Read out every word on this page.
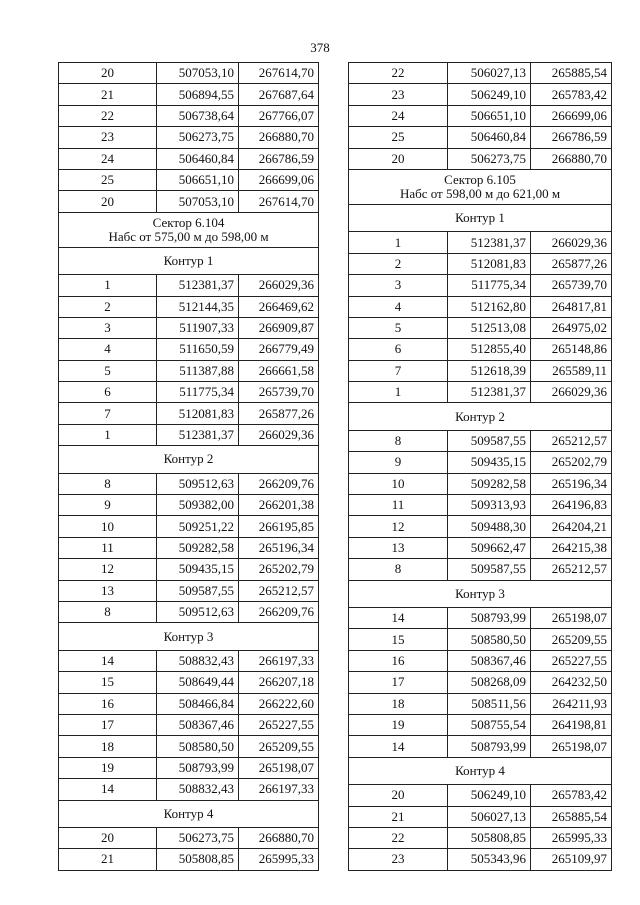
378
20	507053,10	267614,70
21	506894,55	267687,64
22	506738,64	267766,07
23	506273,75	266880,70
24	506460,84	266786,59
25	506651,10	266699,06
20	507053,10	267614,70

Сектор 6.104
Набс от 575,00 м до 598,00 м		

Контур 1		

1	512381,37	266029,36
2	512144,35	266469,62
3	511907,33	266909,87
4	511650,59	266779,49
5	511387,88	266661,58
6	511775,34	265739,70
7	512081,83	265877,26
1	512381,37	266029,36

Контур 2		

8	509512,63	266209,76
9	509382,00	266201,38
10	509251,22	266195,85
11	509282,58	265196,34
12	509435,15	265202,79
13	509587,55	265212,57
8	509512,63	266209,76

Контур 3		

14	508832,43	266197,33
15	508649,44	266207,18
16	508466,84	266222,60
17	508367,46	265227,55
18	508580,50	265209,55
19	508793,99	265198,07
14	508832,43	266197,33

Контур 4		

20	506273,75	266880,70
21	505808,85	265995,33
22	506027,13	265885,54
23	506249,10	265783,42
24	506651,10	266699,06
25	506460,84	266786,59
20	506273,75	266880,70

Сектор 6.105
Набс от 598,00 м до 621,00 м		

Контур 1		

1	512381,37	266029,36
2	512081,83	265877,26
3	511775,34	265739,70
4	512162,80	264817,81
5	512513,08	264975,02
6	512855,40	265148,86
7	512618,39	265589,11
1	512381,37	266029,36

Контур 2		

8	509587,55	265212,57
9	509435,15	265202,79
10	509282,58	265196,34
11	509313,93	264196,83
12	509488,30	264204,21
13	509662,47	264215,38
8	509587,55	265212,57

Контур 3		

14	508793,99	265198,07
15	508580,50	265209,55
16	508367,46	265227,55
17	508268,09	264232,50
18	508511,56	264211,93
19	508755,54	264198,81
14	508793,99	265198,07

Контур 4		

20	506249,10	265783,42
21	506027,13	265885,54
22	505808,85	265995,33
23	505343,96	265109,97
